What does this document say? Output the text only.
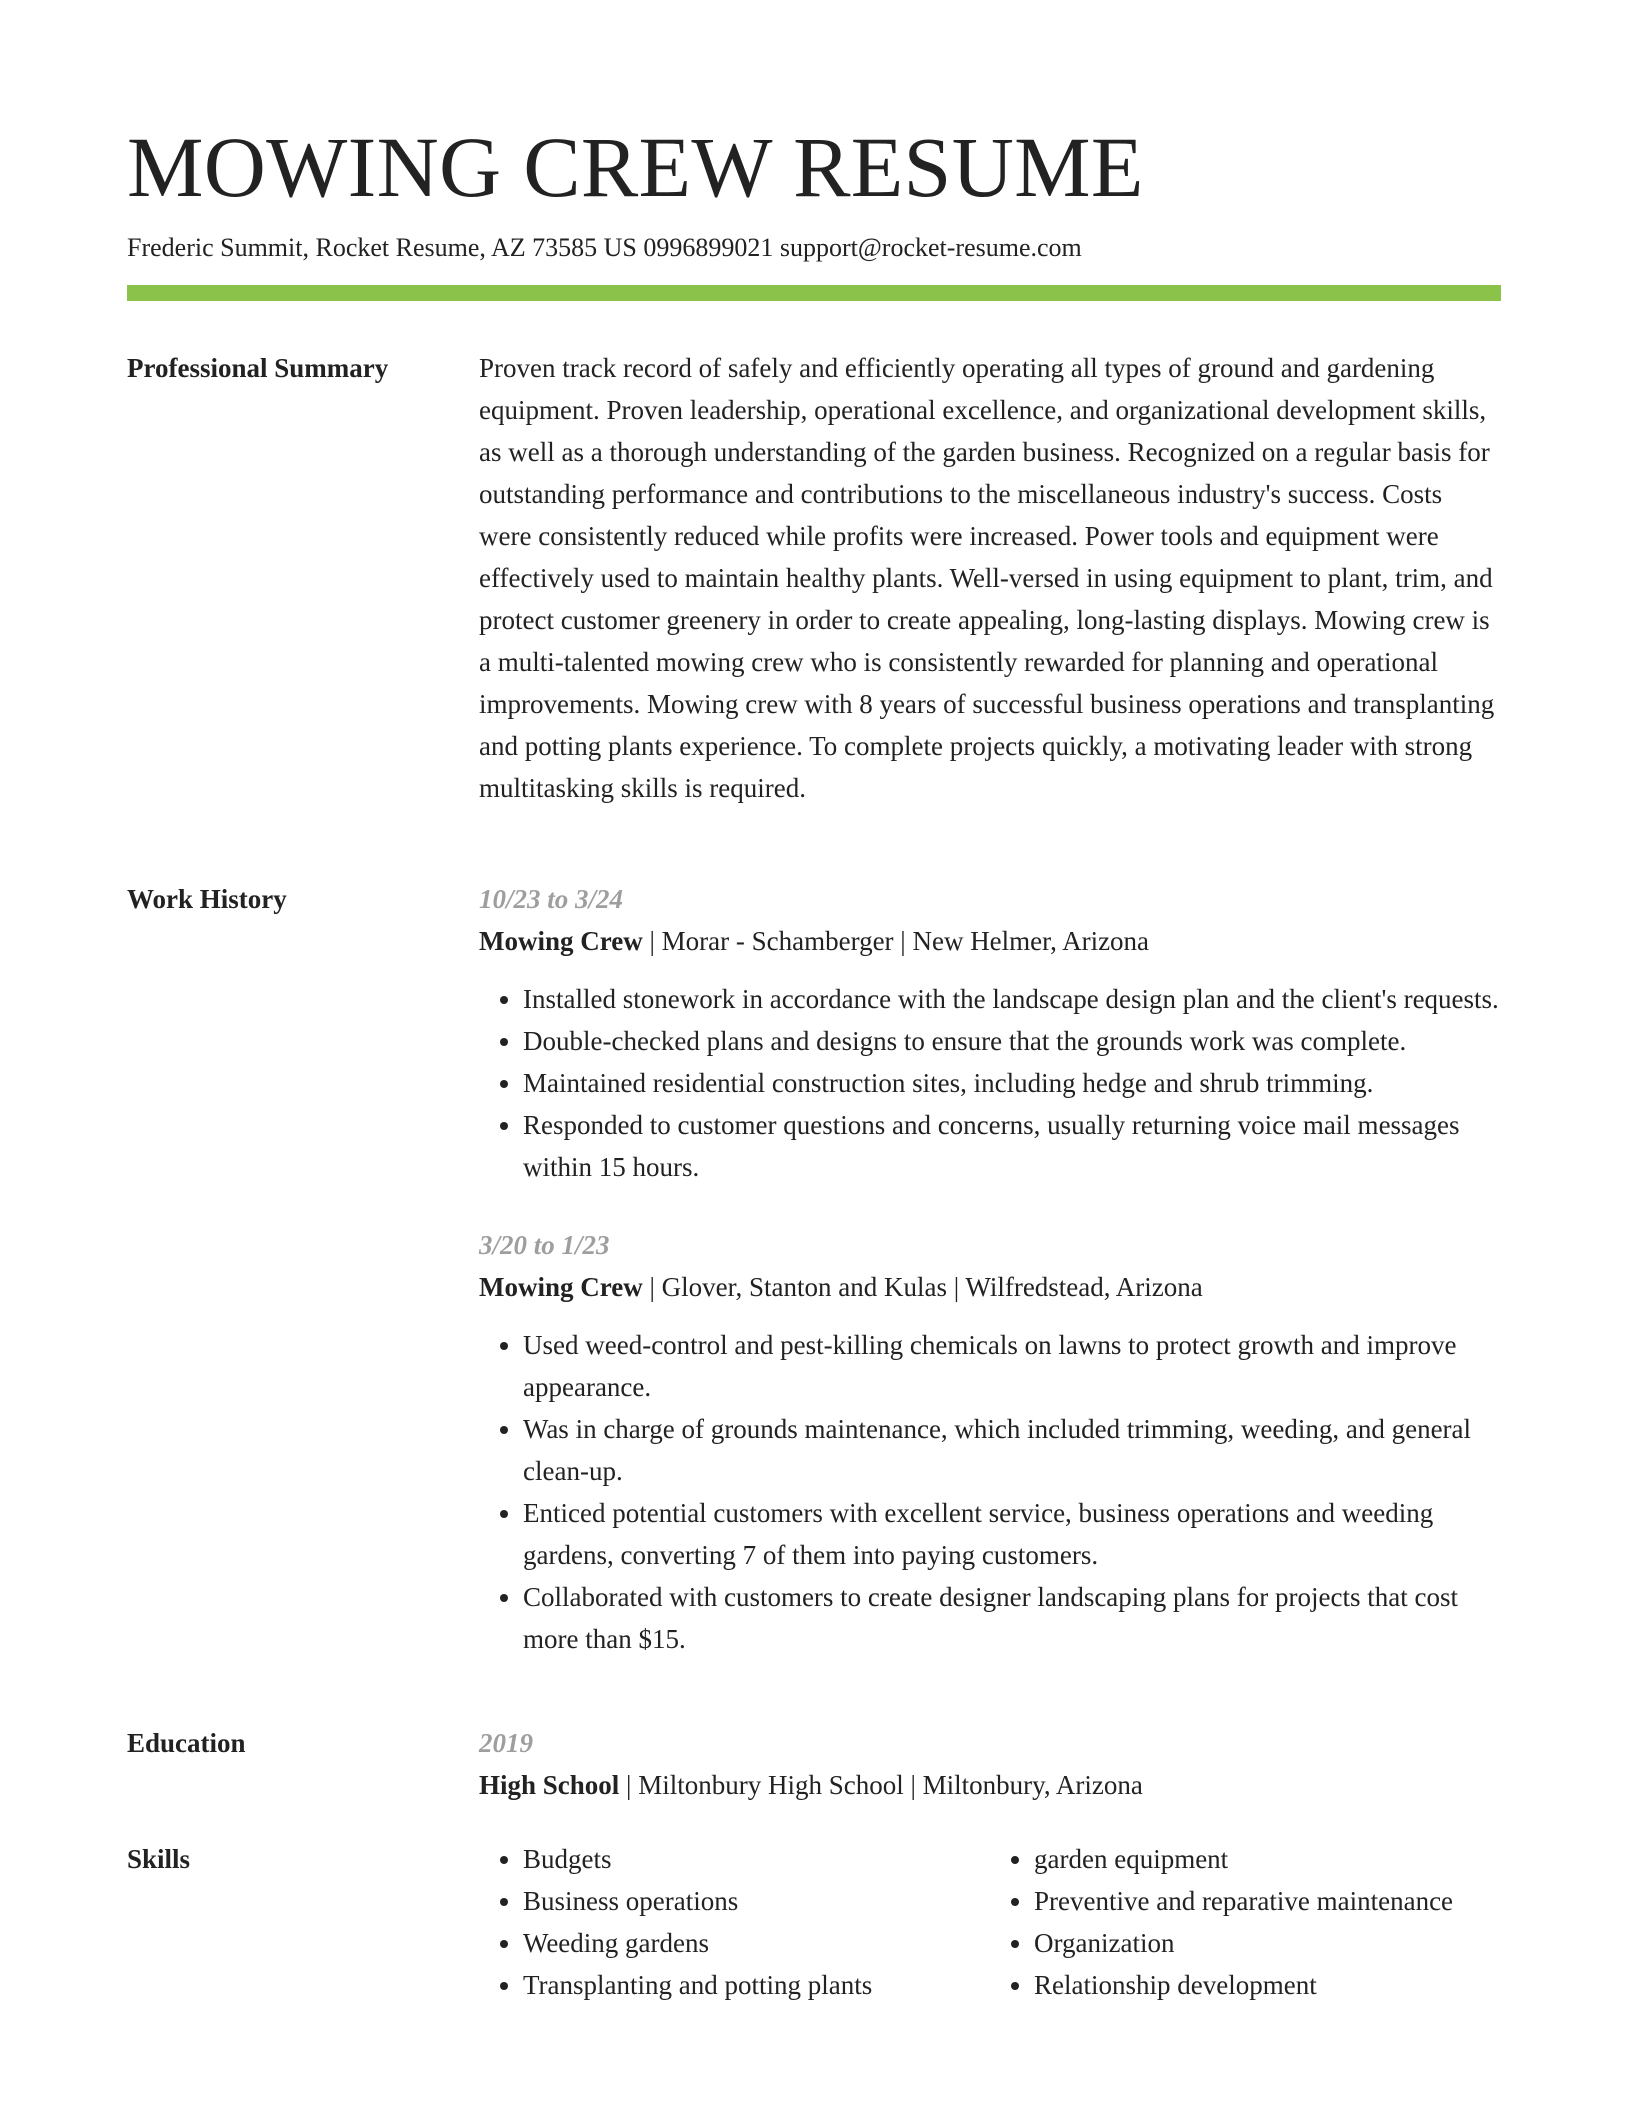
MOWING CREW RESUME
Frederic Summit, Rocket Resume, AZ 73585 US 0996899021 support@rocket-resume.com
Professional Summary	Proven track record of safely and efficiently operating all types of ground and gardening equipment. Proven leadership, operational excellence, and organizational development skills, as well as a thorough understanding of the garden business. Recognized on a regular basis for outstanding performance and contributions to the miscellaneous industry's success. Costs were consistently reduced while profits were increased. Power tools and equipment were effectively used to maintain healthy plants. Well-versed in using equipment to plant, trim, and protect customer greenery in order to create appealing, long-lasting displays. Mowing crew is a multi-talented mowing crew who is consistently rewarded for planning and operational improvements. Mowing crew with 8 years of successful business operations and transplanting and potting plants experience. To complete projects quickly, a motivating leader with strong multitasking skills is required.

Work History	10/23 to 3/24
Mowing Crew | Morar - Schamberger | New Helmer, Arizona
• Installed stonework in accordance with the landscape design plan and the client's requests.
• Double-checked plans and designs to ensure that the grounds work was complete.
• Maintained residential construction sites, including hedge and shrub trimming.
• Responded to customer questions and concerns, usually returning voice mail messages within 15 hours.
3/20 to 1/23
Mowing Crew | Glover, Stanton and Kulas | Wilfredstead, Arizona
• Used weed-control and pest-killing chemicals on lawns to protect growth and improve appearance.
• Was in charge of grounds maintenance, which included trimming, weeding, and general clean-up.
• Enticed potential customers with excellent service, business operations and weeding gardens, converting 7 of them into paying customers.
• Collaborated with customers to create designer landscaping plans for projects that cost more than $15.
Education	2019
High School | Miltonbury High School | Miltonbury, Arizona
Skills
•	Budgets
• Business operations
• Weeding gardens
• Transplanting and potting plants
• garden equipment
• Preventive and reparative maintenance
• Organization
• Relationship development
